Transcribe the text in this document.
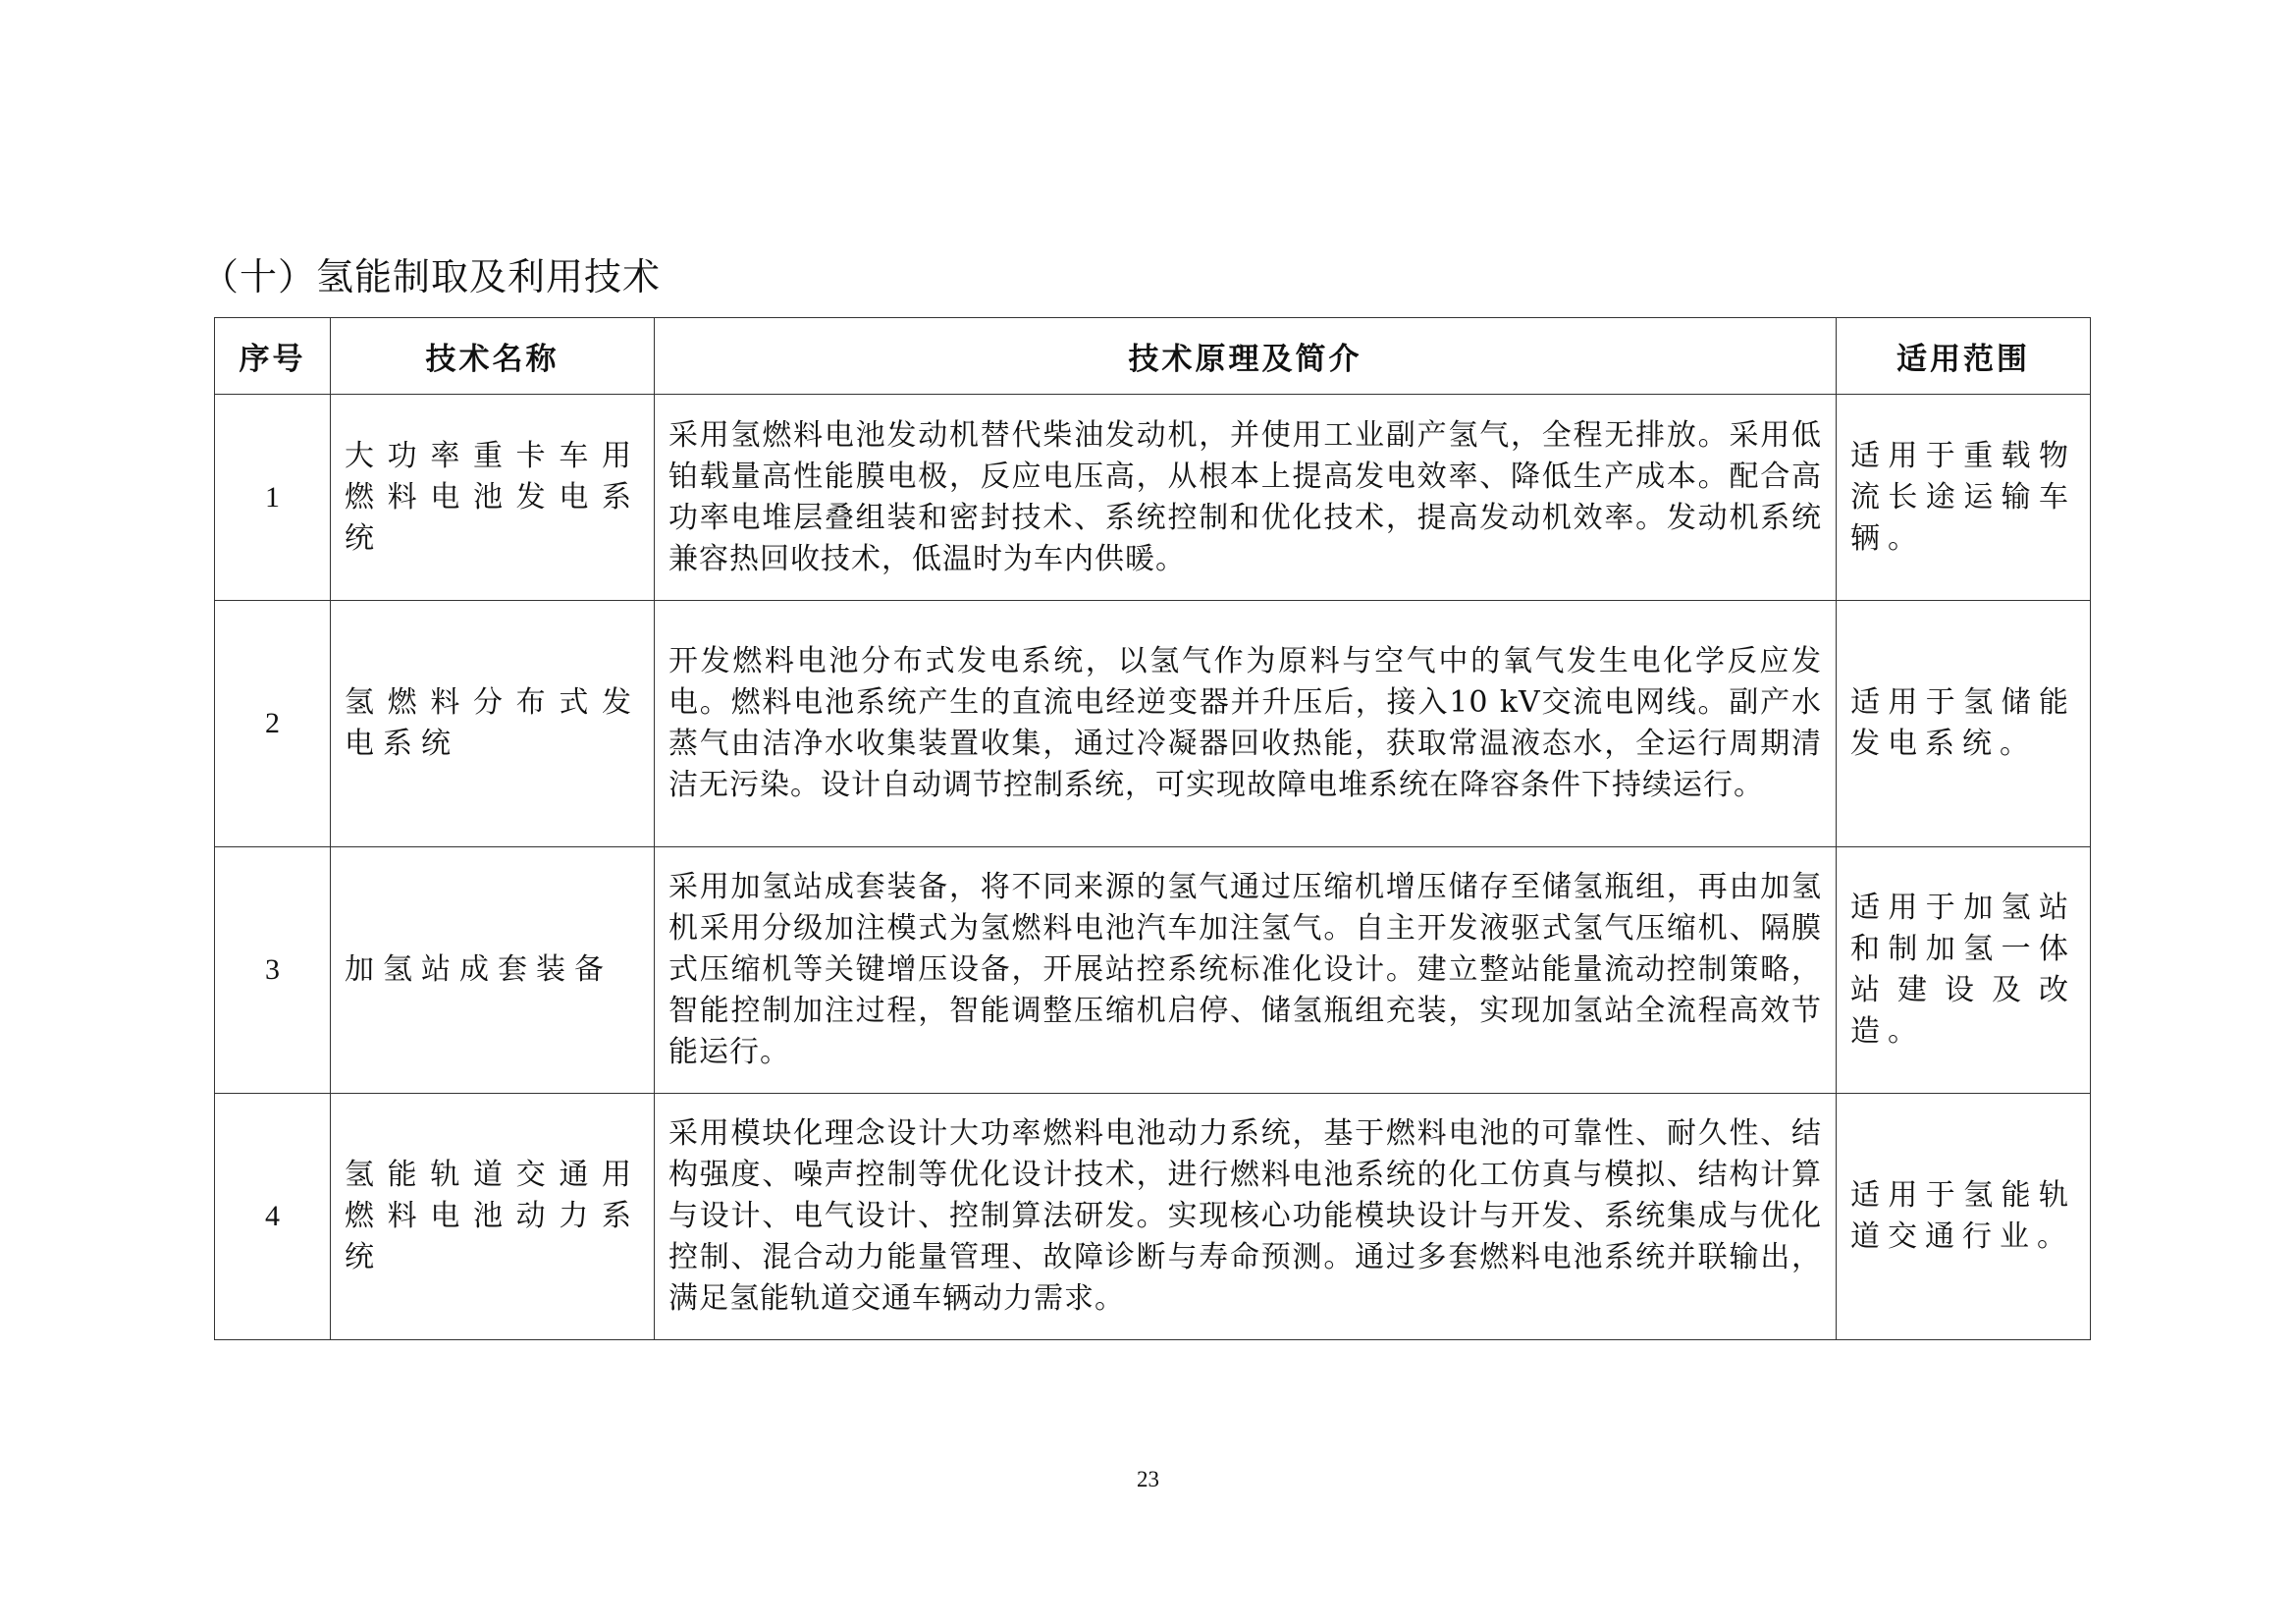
（十）氢能制取及利用技术
序号	技术名称	技术原理及简介	适用范围
1	大功率重卡车用燃料电池发电系统	采用氢燃料电池发动机替代柴油发动机，并使用工业副产氢气，全程无排放。采用低铂载量高性能膜电极，反应电压高，从根本上提高发电效率、降低生产成本。配合高功率电堆层叠组装和密封技术、系统控制和优化技术，提高发动机效率。发动机系统兼容热回收技术，低温时为车内供暖。	适用于重载物流长途运输车辆。
2	氢燃料分布式发电系统	开发燃料电池分布式发电系统，以氢气作为原料与空气中的氧气发生电化学反应发电。燃料电池系统产生的直流电经逆变器并升压后，接入10 kV交流电网线。副产水蒸气由洁净水收集装置收集，通过冷凝器回收热能，获取常温液态水，全运行周期清洁无污染。设计自动调节控制系统，可实现故障电堆系统在降容条件下持续运行。	适用于氢储能发电系统。
3	加氢站成套装备	采用加氢站成套装备，将不同来源的氢气通过压缩机增压储存至储氢瓶组，再由加氢机采用分级加注模式为氢燃料电池汽车加注氢气。自主开发液驱式氢气压缩机、隔膜式压缩机等关键增压设备，开展站控系统标准化设计。建立整站能量流动控制策略，智能控制加注过程，智能调整压缩机启停、储氢瓶组充装，实现加氢站全流程高效节能运行。	适用于加氢站和制加氢一体站建设及改造。
4	氢能轨道交通用燃料电池动力系统	采用模块化理念设计大功率燃料电池动力系统，基于燃料电池的可靠性、耐久性、结构强度、噪声控制等优化设计技术，进行燃料电池系统的化工仿真与模拟、结构计算与设计、电气设计、控制算法研发。实现核心功能模块设计与开发、系统集成与优化控制、混合动力能量管理、故障诊断与寿命预测。通过多套燃料电池系统并联输出，满足氢能轨道交通车辆动力需求。	适用于氢能轨道交通行业。
23
